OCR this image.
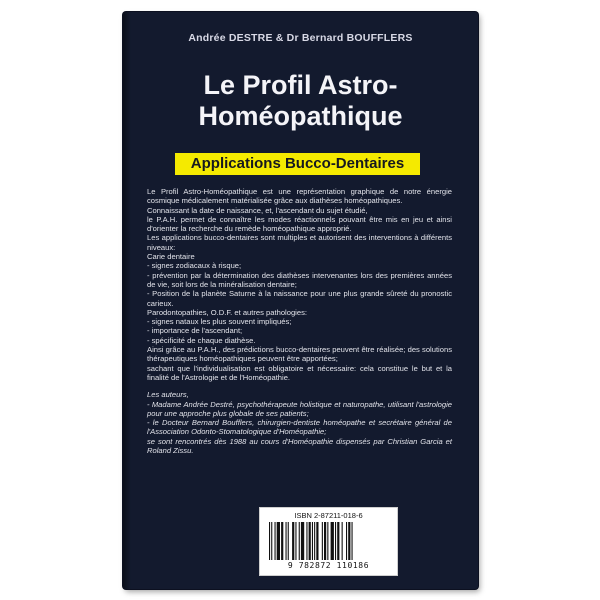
Andrée DESTRE & Dr Bernard BOUFFLERS
Le Profil Astro-
Homéopathique
Applications Bucco-Dentaires

Le Profil Astro-Homéopathique est une représentation graphique de notre énergie cosmique médicalement matérialisée grâce aux diathèses homéopathiques.

Connaissant la date de naissance, et, l'ascendant du sujet étudié,

le P.A.H. permet de connaître les modes réactionnels pouvant être mis en jeu et ainsi d'orienter la recherche du remède homéopathique approprié.

Les applications bucco-dentaires sont multiples et autorisent des interventions à différents niveaux:

Carie dentaire

- signes zodiacaux à risque;

- prévention par la détermination des diathèses intervenantes lors des premières années de vie, soit lors de la minéralisation dentaire;

- Position de la planète Saturne à la naissance pour une plus grande sûreté du pronostic carieux.

Parodontopathies, O.D.F. et autres pathologies:

- signes nataux les plus souvent impliqués;

- importance de l'ascendant;

- spécificité de chaque diathèse.

Ainsi grâce au P.A.H., des prédictions bucco-dentaires peuvent être réalisée; des solutions thérapeutiques homéopathiques peuvent être apportées;

sachant que l'individualisation est obligatoire et nécessaire: cela constitue le but et la finalité de l'Astrologie et de l'Homéopathie.

Les auteurs,

- Madame Andrée Destré, psychothérapeute holistique et naturopathe, utilisant l'astrologie pour une approche plus globale de ses patients;

- le Docteur Bernard Boufflers, chirurgien-dentiste homéopathe et secrétaire général de l'Association Odonto-Stomatologique d'Homéopathie;

se sont rencontrés dès 1988 au cours d'Homéopathie dispensés par Christian Garcia et Roland Zissu.

ISBN 2-87211-018-6
9 782872 110186
